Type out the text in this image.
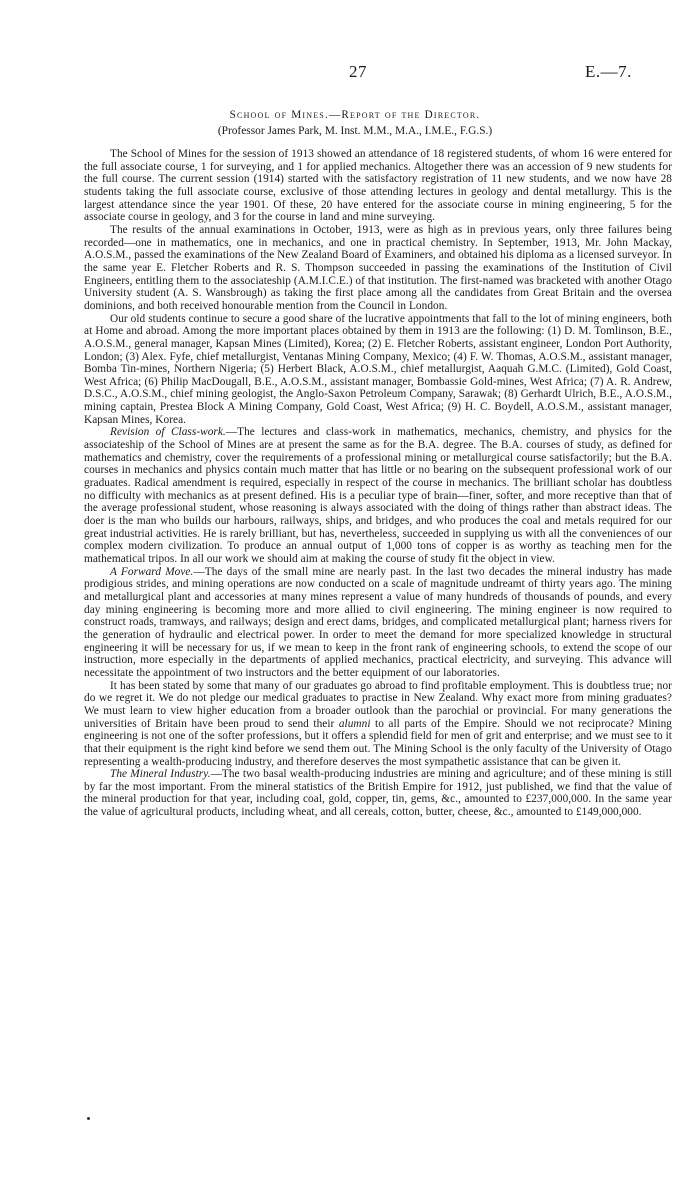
27	E.—7.
School of Mines.—Report of the Director.
(Professor James Park, M. Inst. M.M., M.A., I.M.E., F.G.S.)

The School of Mines for the session of 1913 showed an attendance of 18 registered students, of whom 16 were entered for the full associate course, 1 for surveying, and 1 for applied mechanics. Altogether there was an accession of 9 new students for the full course. The current session (1914) started with the satisfactory registration of 11 new students, and we now have 28 students taking the full associate course, exclusive of those attending lectures in geology and dental metallurgy. This is the largest attendance since the year 1901. Of these, 20 have entered for the associate course in mining engineering, 5 for the associate course in geology, and 3 for the course in land and mine surveying.

The results of the annual examinations in October, 1913, were as high as in previous years, only three failures being recorded—one in mathematics, one in mechanics, and one in practical chemistry. In September, 1913, Mr. John Mackay, A.O.S.M., passed the examinations of the New Zealand Board of Examiners, and obtained his diploma as a licensed surveyor. In the same year E. Fletcher Roberts and R. S. Thompson succeeded in passing the examinations of the Institution of Civil Engineers, entitling them to the associateship (A.M.I.C.E.) of that institution. The first-named was bracketed with another Otago University student (A. S. Wansbrough) as taking the first place among all the candidates from Great Britain and the oversea dominions, and both received honourable mention from the Council in London.

Our old students continue to secure a good share of the lucrative appointments that fall to the lot of mining engineers, both at Home and abroad. Among the more important places obtained by them in 1913 are the following: (1) D. M. Tomlinson, B.E., A.O.S.M., general manager, Kapsan Mines (Limited), Korea; (2) E. Fletcher Roberts, assistant engineer, London Port Authority, London; (3) Alex. Fyfe, chief metallurgist, Ventanas Mining Company, Mexico; (4) F. W. Thomas, A.O.S.M., assistant manager, Bomba Tin-mines, Northern Nigeria; (5) Herbert Black, A.O.S.M., chief metallurgist, Aaquah G.M.C. (Limited), Gold Coast, West Africa; (6) Philip MacDougall, B.E., A.O.S.M., assistant manager, Bombassie Gold-mines, West Africa; (7) A. R. Andrew, D.S.C., A.O.S.M., chief mining geologist, the Anglo-Saxon Petroleum Company, Sarawak; (8) Gerhardt Ulrich, B.E., A.O.S.M., mining captain, Prestea Block A Mining Company, Gold Coast, West Africa; (9) H. C. Boydell, A.O.S.M., assistant manager, Kapsan Mines, Korea.

Revision of Class-work.—The lectures and class-work in mathematics, mechanics, chemistry, and physics for the associateship of the School of Mines are at present the same as for the B.A. degree. The B.A. courses of study, as defined for mathematics and chemistry, cover the requirements of a professional mining or metallurgical course satisfactorily; but the B.A. courses in mechanics and physics contain much matter that has little or no bearing on the subsequent professional work of our graduates. Radical amendment is required, especially in respect of the course in mechanics. The brilliant scholar has doubtless no difficulty with mechanics as at present defined. His is a peculiar type of brain—finer, softer, and more receptive than that of the average professional student, whose reasoning is always associated with the doing of things rather than abstract ideas. The doer is the man who builds our harbours, railways, ships, and bridges, and who produces the coal and metals required for our great industrial activities. He is rarely brilliant, but has, nevertheless, succeeded in supplying us with all the conveniences of our complex modern civilization. To produce an annual output of 1,000 tons of copper is as worthy as teaching men for the mathematical tripos. In all our work we should aim at making the course of study fit the object in view.

A Forward Move.—The days of the small mine are nearly past. In the last two decades the mineral industry has made prodigious strides, and mining operations are now conducted on a scale of magnitude undreamt of thirty years ago. The mining and metallurgical plant and accessories at many mines represent a value of many hundreds of thousands of pounds, and every day mining engineering is becoming more and more allied to civil engineering. The mining engineer is now required to construct roads, tramways, and railways; design and erect dams, bridges, and complicated metallurgical plant; harness rivers for the generation of hydraulic and electrical power. In order to meet the demand for more specialized knowledge in structural engineering it will be necessary for us, if we mean to keep in the front rank of engineering schools, to extend the scope of our instruction, more especially in the departments of applied mechanics, practical electricity, and surveying. This advance will necessitate the appointment of two instructors and the better equipment of our laboratories.

It has been stated by some that many of our graduates go abroad to find profitable employment. This is doubtless true; nor do we regret it. We do not pledge our medical graduates to practise in New Zealand. Why exact more from mining graduates? We must learn to view higher education from a broader outlook than the parochial or provincial. For many generations the universities of Britain have been proud to send their alumni to all parts of the Empire. Should we not reciprocate? Mining engineering is not one of the softer professions, but it offers a splendid field for men of grit and enterprise; and we must see to it that their equipment is the right kind before we send them out. The Mining School is the only faculty of the University of Otago representing a wealth-producing industry, and therefore deserves the most sympathetic assistance that can be given it.

The Mineral Industry.—The two basal wealth-producing industries are mining and agriculture; and of these mining is still by far the most important. From the mineral statistics of the British Empire for 1912, just published, we find that the value of the mineral production for that year, including coal, gold, copper, tin, gems, &c., amounted to £237,000,000. In the same year the value of agricultural products, including wheat, and all cereals, cotton, butter, cheese, &c., amounted to £149,000,000.
